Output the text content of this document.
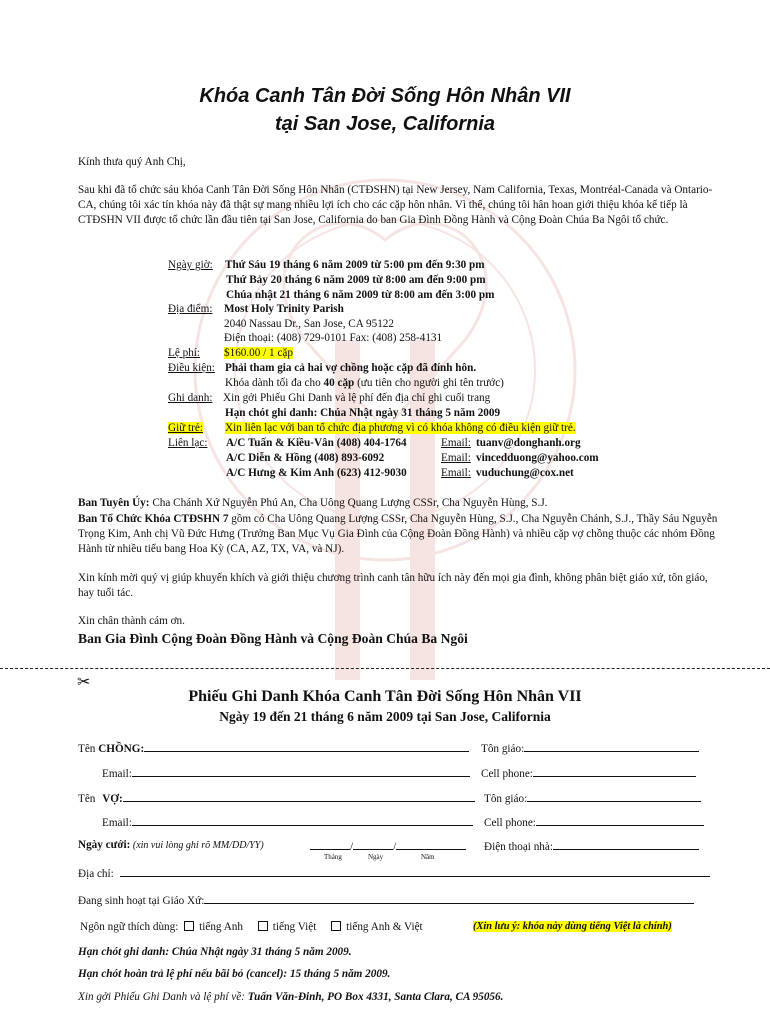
Khóa Canh Tân Đời Sống Hôn Nhân VII
tại San Jose, California
Kính thưa quý Anh Chị,
Sau khi đã tổ chức sáu khóa Canh Tân Đời Sống Hôn Nhân (CTĐSHN) tại New Jersey, Nam California, Texas, Montréal-Canada và Ontario-CA, chúng tôi xác tín khóa này đã thật sự mang nhiều lợi ích cho các cặp hôn nhân. Vì thế, chúng tôi hân hoan giới thiệu khóa kế tiếp là CTĐSHN VII được tổ chức lần đầu tiên tại San Jose, California do ban Gia Đình Đồng Hành và Cộng Đoàn Chúa Ba Ngôi tổ chức.
Ngày giờ: Thứ Sáu 19 tháng 6 năm 2009 từ 5:00 pm đến 9:30 pm
Thứ Bảy 20 tháng 6 năm 2009 từ 8:00 am đến 9:00 pm
Chúa nhật 21 tháng 6 năm 2009 từ 8:00 am đến 3:00 pm
Địa điểm: Most Holy Trinity Parish
2040 Nassau Dr., San Jose, CA 95122
Điện thoại: (408) 729-0101 Fax: (408) 258-4131
Lệ phí: $160.00 / 1 cặp
Điều kiện: Phải tham gia cả hai vợ chồng hoặc cặp đã đính hôn.
Khóa dành tối đa cho 40 cặp (ưu tiên cho người ghi tên trước)
Ghi danh: Xin gởi Phiếu Ghi Danh và lệ phí đến địa chỉ ghi cuối trang
Hạn chót ghi danh: Chúa Nhật ngày 31 tháng 5 năm 2009
Giữ trẻ: Xin liên lạc với ban tổ chức địa phương vì có khóa không có điều kiện giữ trẻ.
Liên lạc: A/C Tuấn & Kiều-Vân (408) 404-1764	Email: tuanv@donghanh.org
A/C Diễn & Hồng (408) 893-6092	Email: vincedduong@yahoo.com
A/C Hưng & Kim Anh (623) 412-9030	Email: vuduchung@cox.net
Ban Tuyên Úy: Cha Chánh Xứ Nguyễn Phú An, Cha Uông Quang Lượng CSSr, Cha Nguyễn Hùng, S.J.
Ban Tổ Chức Khóa CTĐSHN 7 gồm có Cha Uông Quang Lượng CSSr, Cha Nguyễn Hùng, S.J., Cha Nguyễn Chánh, S.J., Thầy Sáu Nguyễn Trọng Kim, Anh chị Vũ Đức Hưng (Trưởng Ban Mục Vụ Gia Đình của Cộng Đoàn Đồng Hành) và nhiều cặp vợ chồng thuộc các nhóm Đồng Hành từ nhiều tiểu bang Hoa Kỳ (CA, AZ, TX, VA, và NJ).
Xin kính mời quý vị giúp khuyến khích và giới thiệu chương trình canh tân hữu ích này đến mọi gia đình, không phân biệt giáo xứ, tôn giáo, hay tuổi tác.
Xin chân thành cám ơn.
Ban Gia Đình Cộng Đoàn Đồng Hành và Cộng Đoàn Chúa Ba Ngôi
✂
Phiếu Ghi Danh Khóa Canh Tân Đời Sống Hôn Nhân VII
Ngày 19 đến 21 tháng 6 năm 2009 tại San Jose, California
Tên CHỒNG:	Tôn giáo:
Email:	Cell phone:
Tên VỢ:	Tôn giáo:
Email:	Cell phone:
Ngày cưới: (xin vui lòng ghi rõ MM/DD/YY)	/	/
Tháng	Ngày	Năm
Điện thoại nhà:
Địa chỉ:
Đang sinh hoạt tại Giáo Xứ:
Ngôn ngữ thích dùng: tiếng Anh	tiếng Việt	tiếng Anh & Việt	(Xin lưu ý: khóa này dùng tiếng Việt là chính)
Hạn chót ghi danh: Chúa Nhật ngày 31 tháng 5 năm 2009.
Hạn chót hoàn trả lệ phí nếu bãi bỏ (cancel): 15 tháng 5 năm 2009.
Xin gởi Phiếu Ghi Danh và lệ phí về: Tuấn Văn-Đinh, PO Box 4331, Santa Clara, CA 95056.
